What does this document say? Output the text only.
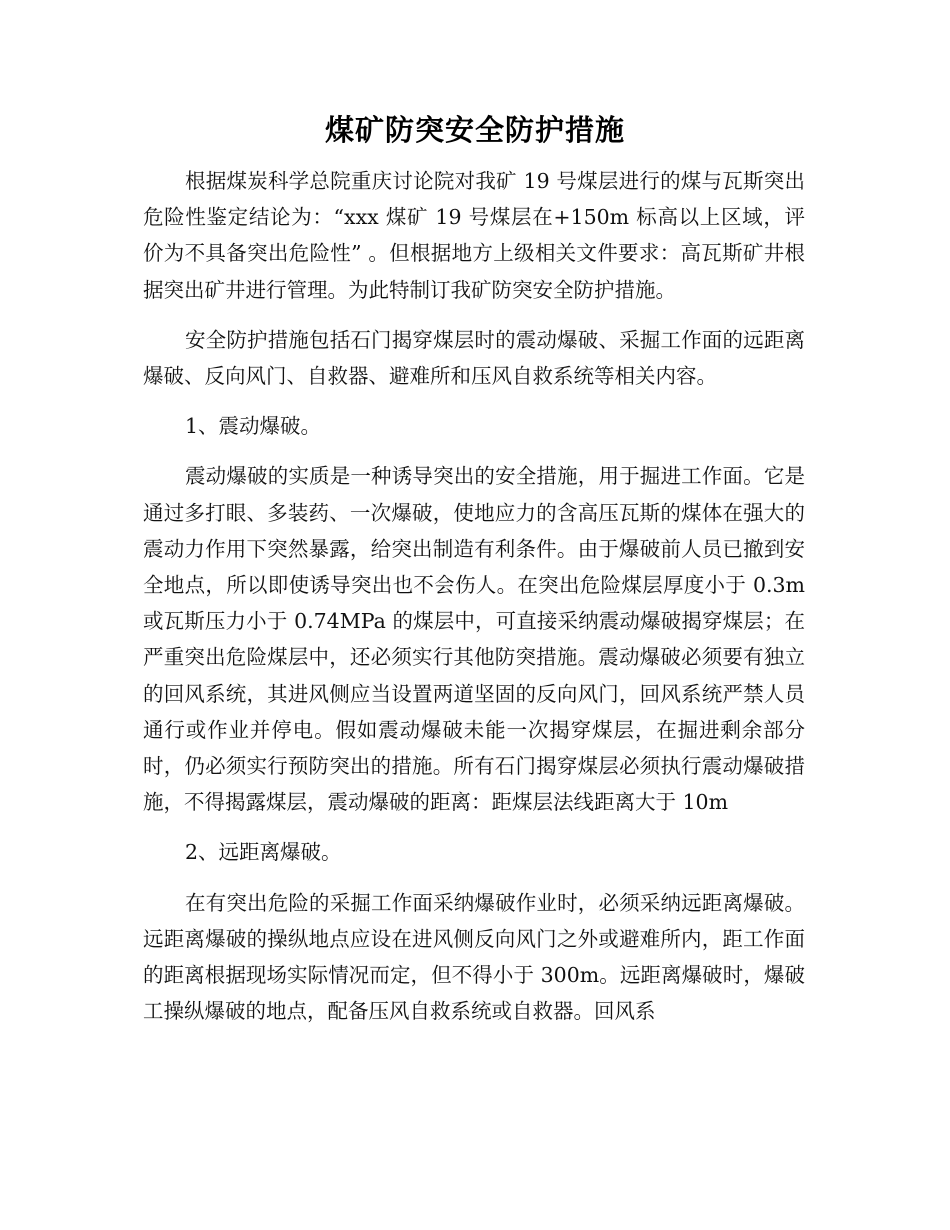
煤矿防突安全防护措施

根据煤炭科学总院重庆讨论院对我矿 19 号煤层进行的煤与瓦斯突出危险性鉴定结论为：“xxx 煤矿 19 号煤层在+150m 标高以上区域，评价为不具备突出危险性” 。但根据地方上级相关文件要求：高瓦斯矿井根据突出矿井进行管理。为此特制订我矿防突安全防护措施。

安全防护措施包括石门揭穿煤层时的震动爆破、采掘工作面的远距离爆破、反向风门、自救器、避难所和压风自救系统等相关内容。

1、震动爆破。

震动爆破的实质是一种诱导突出的安全措施，用于掘进工作面。它是通过多打眼、多装药、一次爆破，使地应力的含高压瓦斯的煤体在强大的震动力作用下突然暴露，给突出制造有利条件。由于爆破前人员已撤到安全地点，所以即使诱导突出也不会伤人。在突出危险煤层厚度小于 0.3m 或瓦斯压力小于 0.74MPa 的煤层中，可直接采纳震动爆破揭穿煤层；在严重突出危险煤层中，还必须实行其他防突措施。震动爆破必须要有独立的回风系统，其进风侧应当设置两道坚固的反向风门，回风系统严禁人员通行或作业并停电。假如震动爆破未能一次揭穿煤层，在掘进剩余部分时，仍必须实行预防突出的措施。所有石门揭穿煤层必须执行震动爆破措施，不得揭露煤层，震动爆破的距离：距煤层法线距离大于 10m

2、远距离爆破。

在有突出危险的采掘工作面采纳爆破作业时，必须采纳远距离爆破。远距离爆破的操纵地点应设在进风侧反向风门之外或避难所内，距工作面的距离根据现场实际情况而定，但不得小于 300m。远距离爆破时，爆破工操纵爆破的地点，配备压风自救系统或自救器。回风系
